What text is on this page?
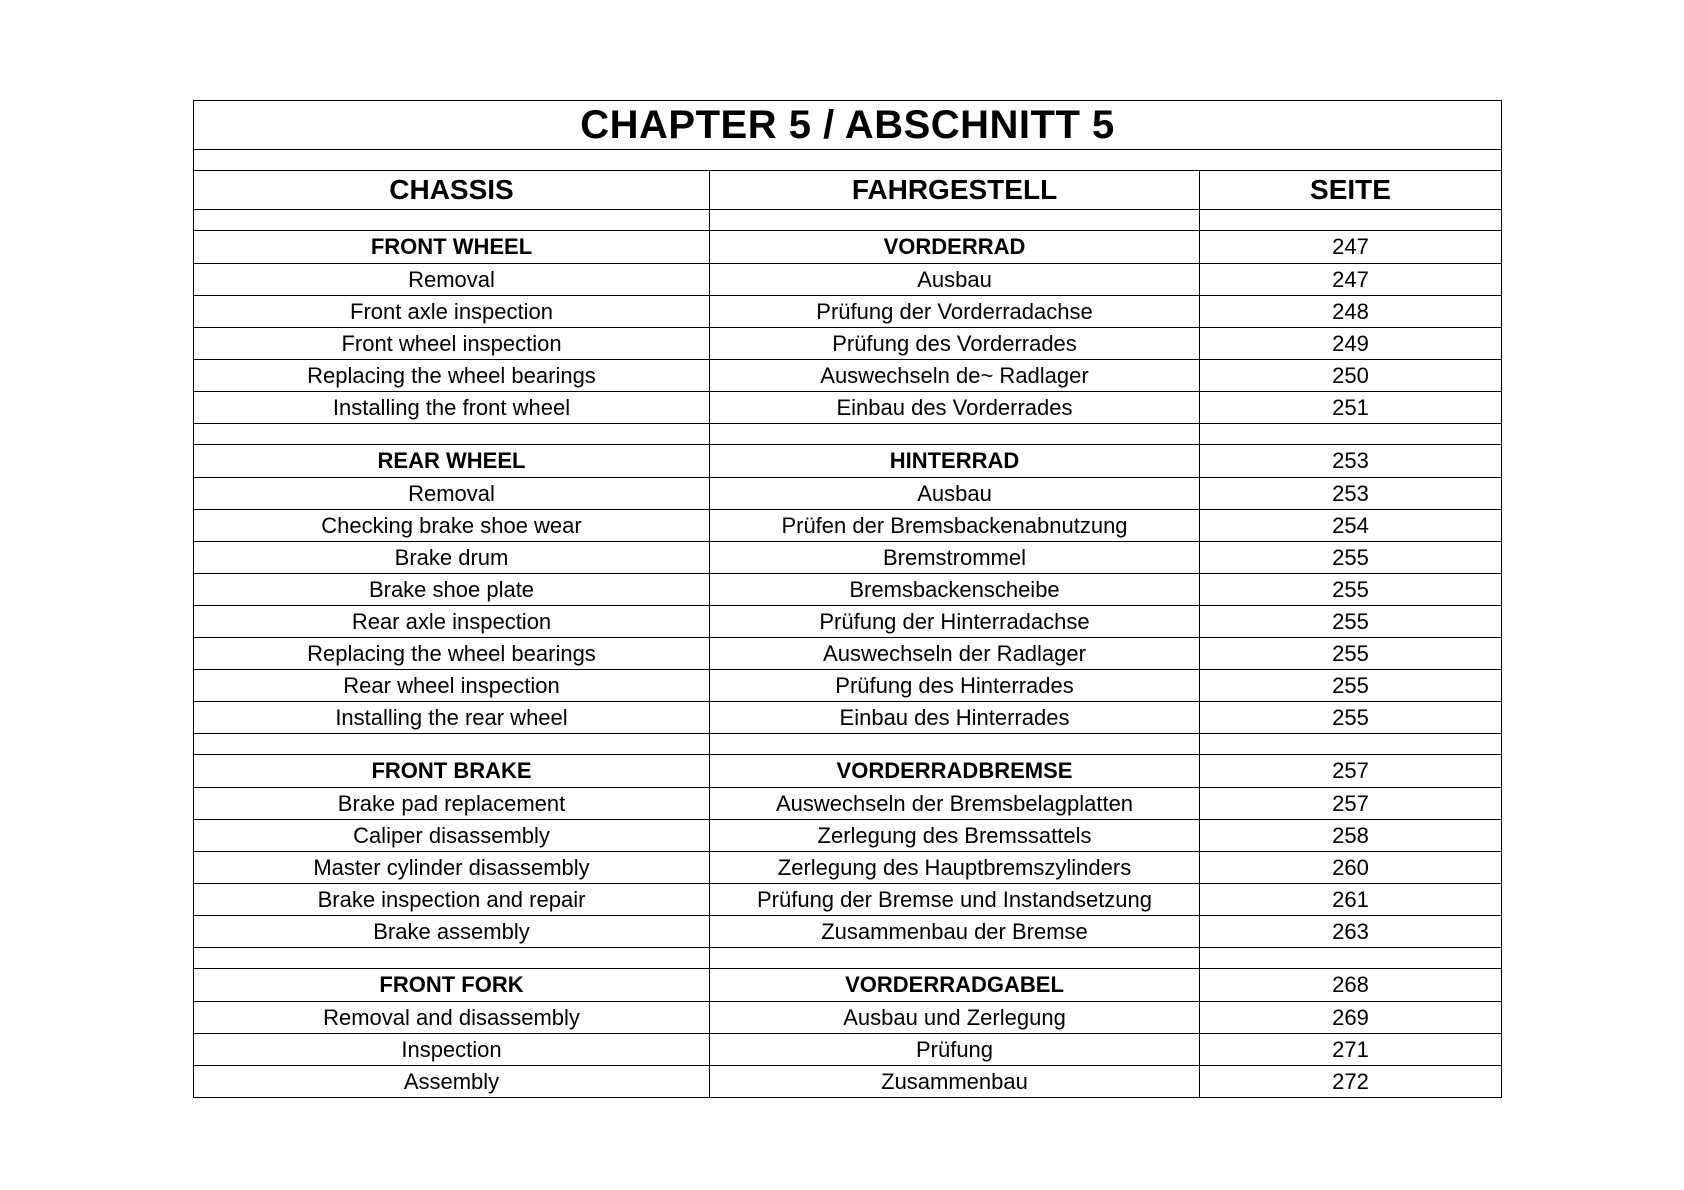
CHAPTER 5 / ABSCHNITT 5		

CHASSIS	FAHRGESTELL	SEITE

FRONT WHEEL	VORDERRAD	247
Removal	Ausbau	247
Front axle inspection	Prüfung der Vorderradachse	248
Front wheel inspection	Prüfung des Vorderrades	249
Replacing the wheel bearings	Auswechseln de~ Radlager	250
Installing the front wheel	Einbau des Vorderrades	251

REAR WHEEL	HINTERRAD	253
Removal	Ausbau	253
Checking brake shoe wear	Prüfen der Bremsbackenabnutzung	254
Brake drum	Bremstrommel	255
Brake shoe plate	Bremsbackenscheibe	255
Rear axle inspection	Prüfung der Hinterradachse	255
Replacing the wheel bearings	Auswechseln der Radlager	255
Rear wheel inspection	Prüfung des Hinterrades	255
Installing the rear wheel	Einbau des Hinterrades	255

FRONT BRAKE	VORDERRADBREMSE	257
Brake pad replacement	Auswechseln der Bremsbelagplatten	257
Caliper disassembly	Zerlegung des Bremssattels	258
Master cylinder disassembly	Zerlegung des Hauptbremszylinders	260
Brake inspection and repair	Prüfung der Bremse und Instandsetzung	261
Brake assembly	Zusammenbau der Bremse	263

FRONT FORK	VORDERRADGABEL	268
Removal and disassembly	Ausbau und Zerlegung	269
Inspection	Prüfung	271
Assembly	Zusammenbau	272
